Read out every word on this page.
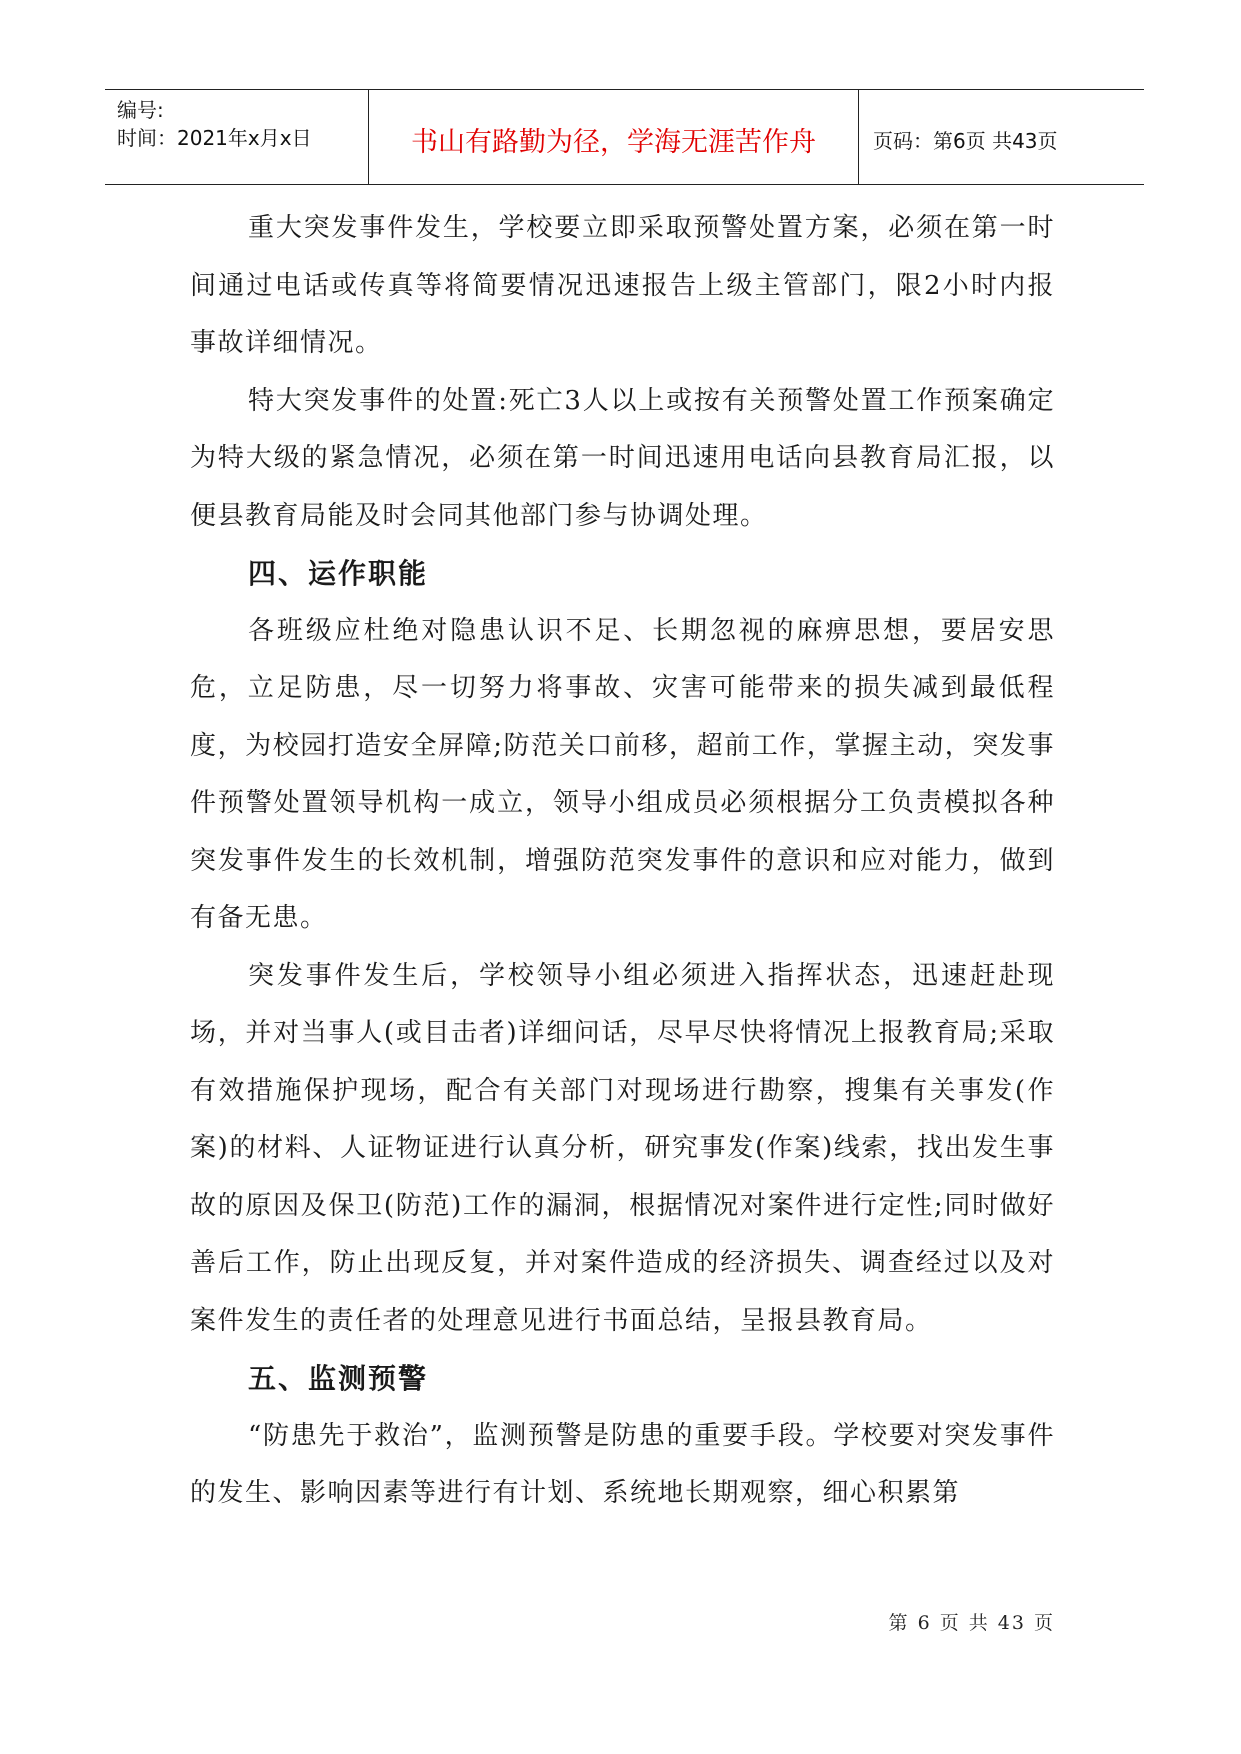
编号:
时间：2021年x月x日	书山有路勤为径，学海无涯苦作舟	页码：第6页 共43页

重大突发事件发生，学校要立即采取预警处置方案，必须在第一时间通过电话或传真等将简要情况迅速报告上级主管部门，限2小时内报事故详细情况。

特大突发事件的处置:死亡3人以上或按有关预警处置工作预案确定为特大级的紧急情况，必须在第一时间迅速用电话向县教育局汇报，以便县教育局能及时会同其他部门参与协调处理。

四、运作职能

各班级应杜绝对隐患认识不足、长期忽视的麻痹思想，要居安思危，立足防患，尽一切努力将事故、灾害可能带来的损失减到最低程度，为校园打造安全屏障;防范关口前移，超前工作，掌握主动，突发事件预警处置领导机构一成立，领导小组成员必须根据分工负责模拟各种突发事件发生的长效机制，增强防范突发事件的意识和应对能力，做到有备无患。

突发事件发生后，学校领导小组必须进入指挥状态，迅速赶赴现场，并对当事人(或目击者)详细问话，尽早尽快将情况上报教育局;采取有效措施保护现场，配合有关部门对现场进行勘察，搜集有关事发(作案)的材料、人证物证进行认真分析，研究事发(作案)线索，找出发生事故的原因及保卫(防范)工作的漏洞，根据情况对案件进行定性;同时做好善后工作，防止出现反复，并对案件造成的经济损失、调查经过以及对案件发生的责任者的处理意见进行书面总结，呈报县教育局。

五、监测预警

“防患先于救治”，监测预警是防患的重要手段。学校要对突发事件的发生、影响因素等进行有计划、系统地长期观察，细心积累第

第 6 页 共 43 页
